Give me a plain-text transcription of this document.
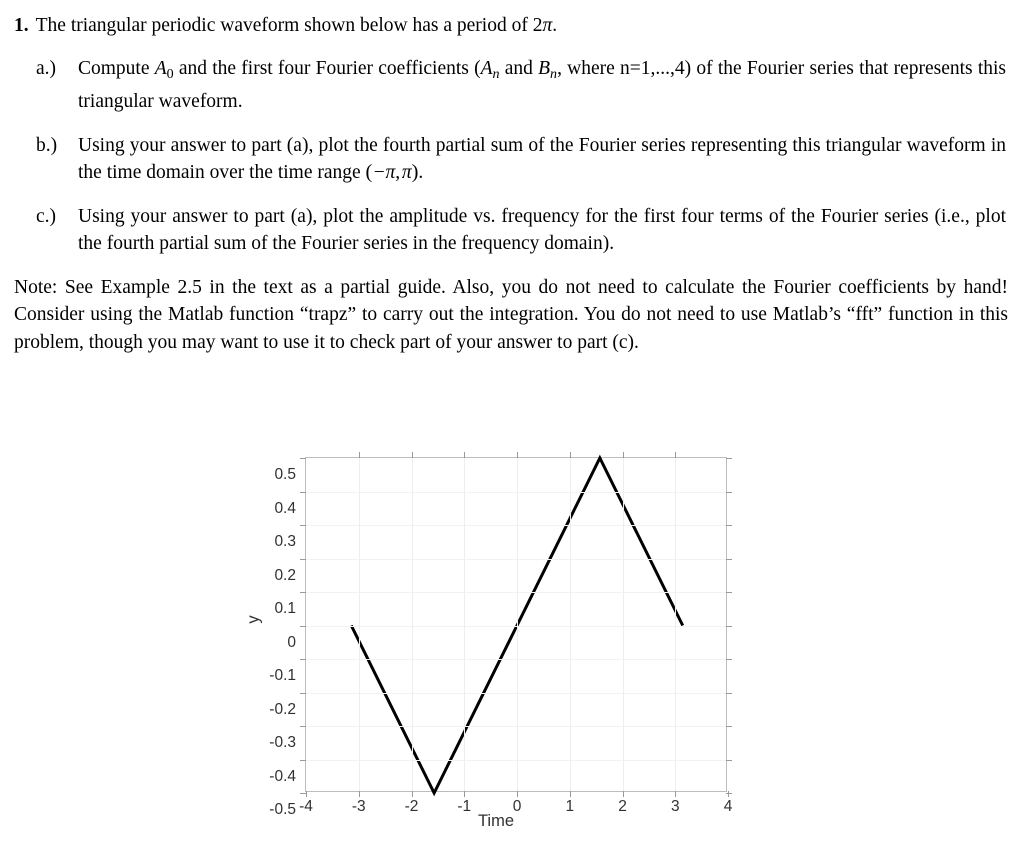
1. The triangular periodic waveform shown below has a period of 2π.
a.)	Compute $A_0$ and the first four Fourier coefficients ($A_n$ and $B_n$, where n=1,...,4) of the Fourier series that represents this triangular waveform.
b.)	Using your answer to part (a), plot the fourth partial sum of the Fourier series representing this triangular waveform in the time domain over the time range (−π, π).
c.)	Using your answer to part (a), plot the amplitude vs. frequency for the first four terms of the Fourier series (i.e., plot the fourth partial sum of the Fourier series in the frequency domain).
Note: See Example 2.5 in the text as a partial guide. Also, you do not need to calculate the Fourier coefficients by hand! Consider using the Matlab function “trapz” to carry out the integration. You do not need to use Matlab’s “fft” function in this problem, though you may want to use it to check part of your answer to part (c).
0.5
0.4
0.3
0.2
0.1
0
-0.1
-0.2
-0.3
-0.4
-0.5 -4	-3	-2	-1	0	1	2	3	4
y
Time
